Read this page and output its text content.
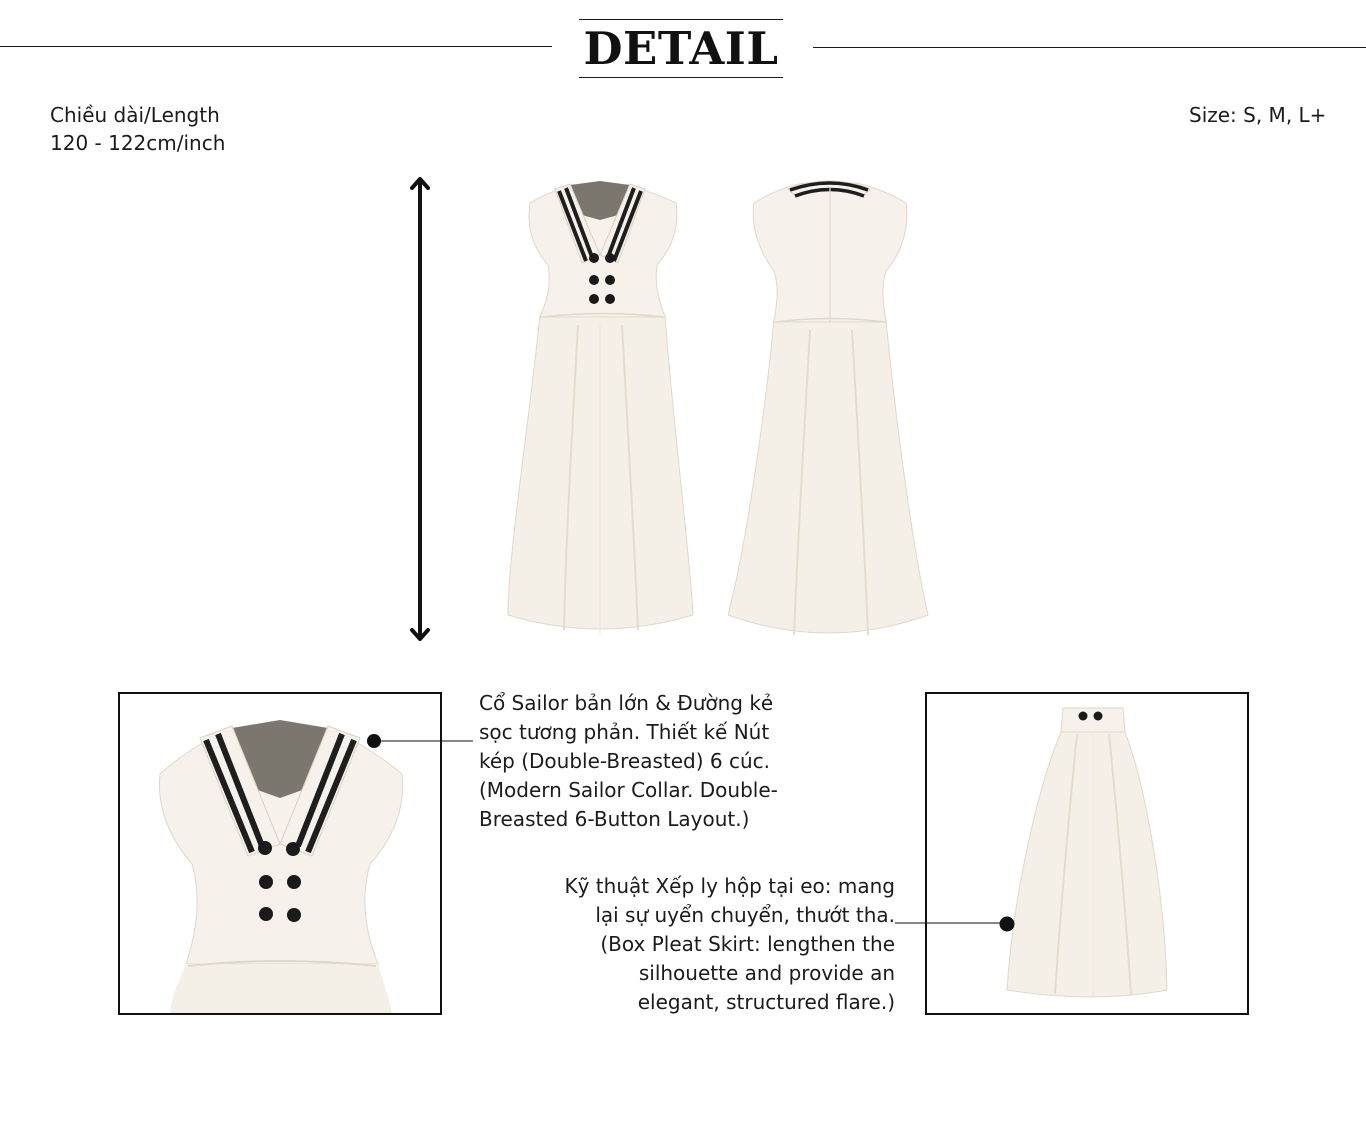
DETAIL
Chiều dài/Length
120 - 122cm/inch
Size: S, M, L+
Cổ Sailor bản lớn & Đường kẻ
sọc tương phản. Thiết kế Nút
kép (Double-Breasted) 6 cúc.
(Modern Sailor Collar. Double-
Breasted 6-Button Layout.)
Kỹ thuật Xếp ly hộp tại eo: mang
lại sự uyển chuyển, thướt tha.
(Box Pleat Skirt: lengthen the
silhouette and provide an
elegant, structured flare.)
